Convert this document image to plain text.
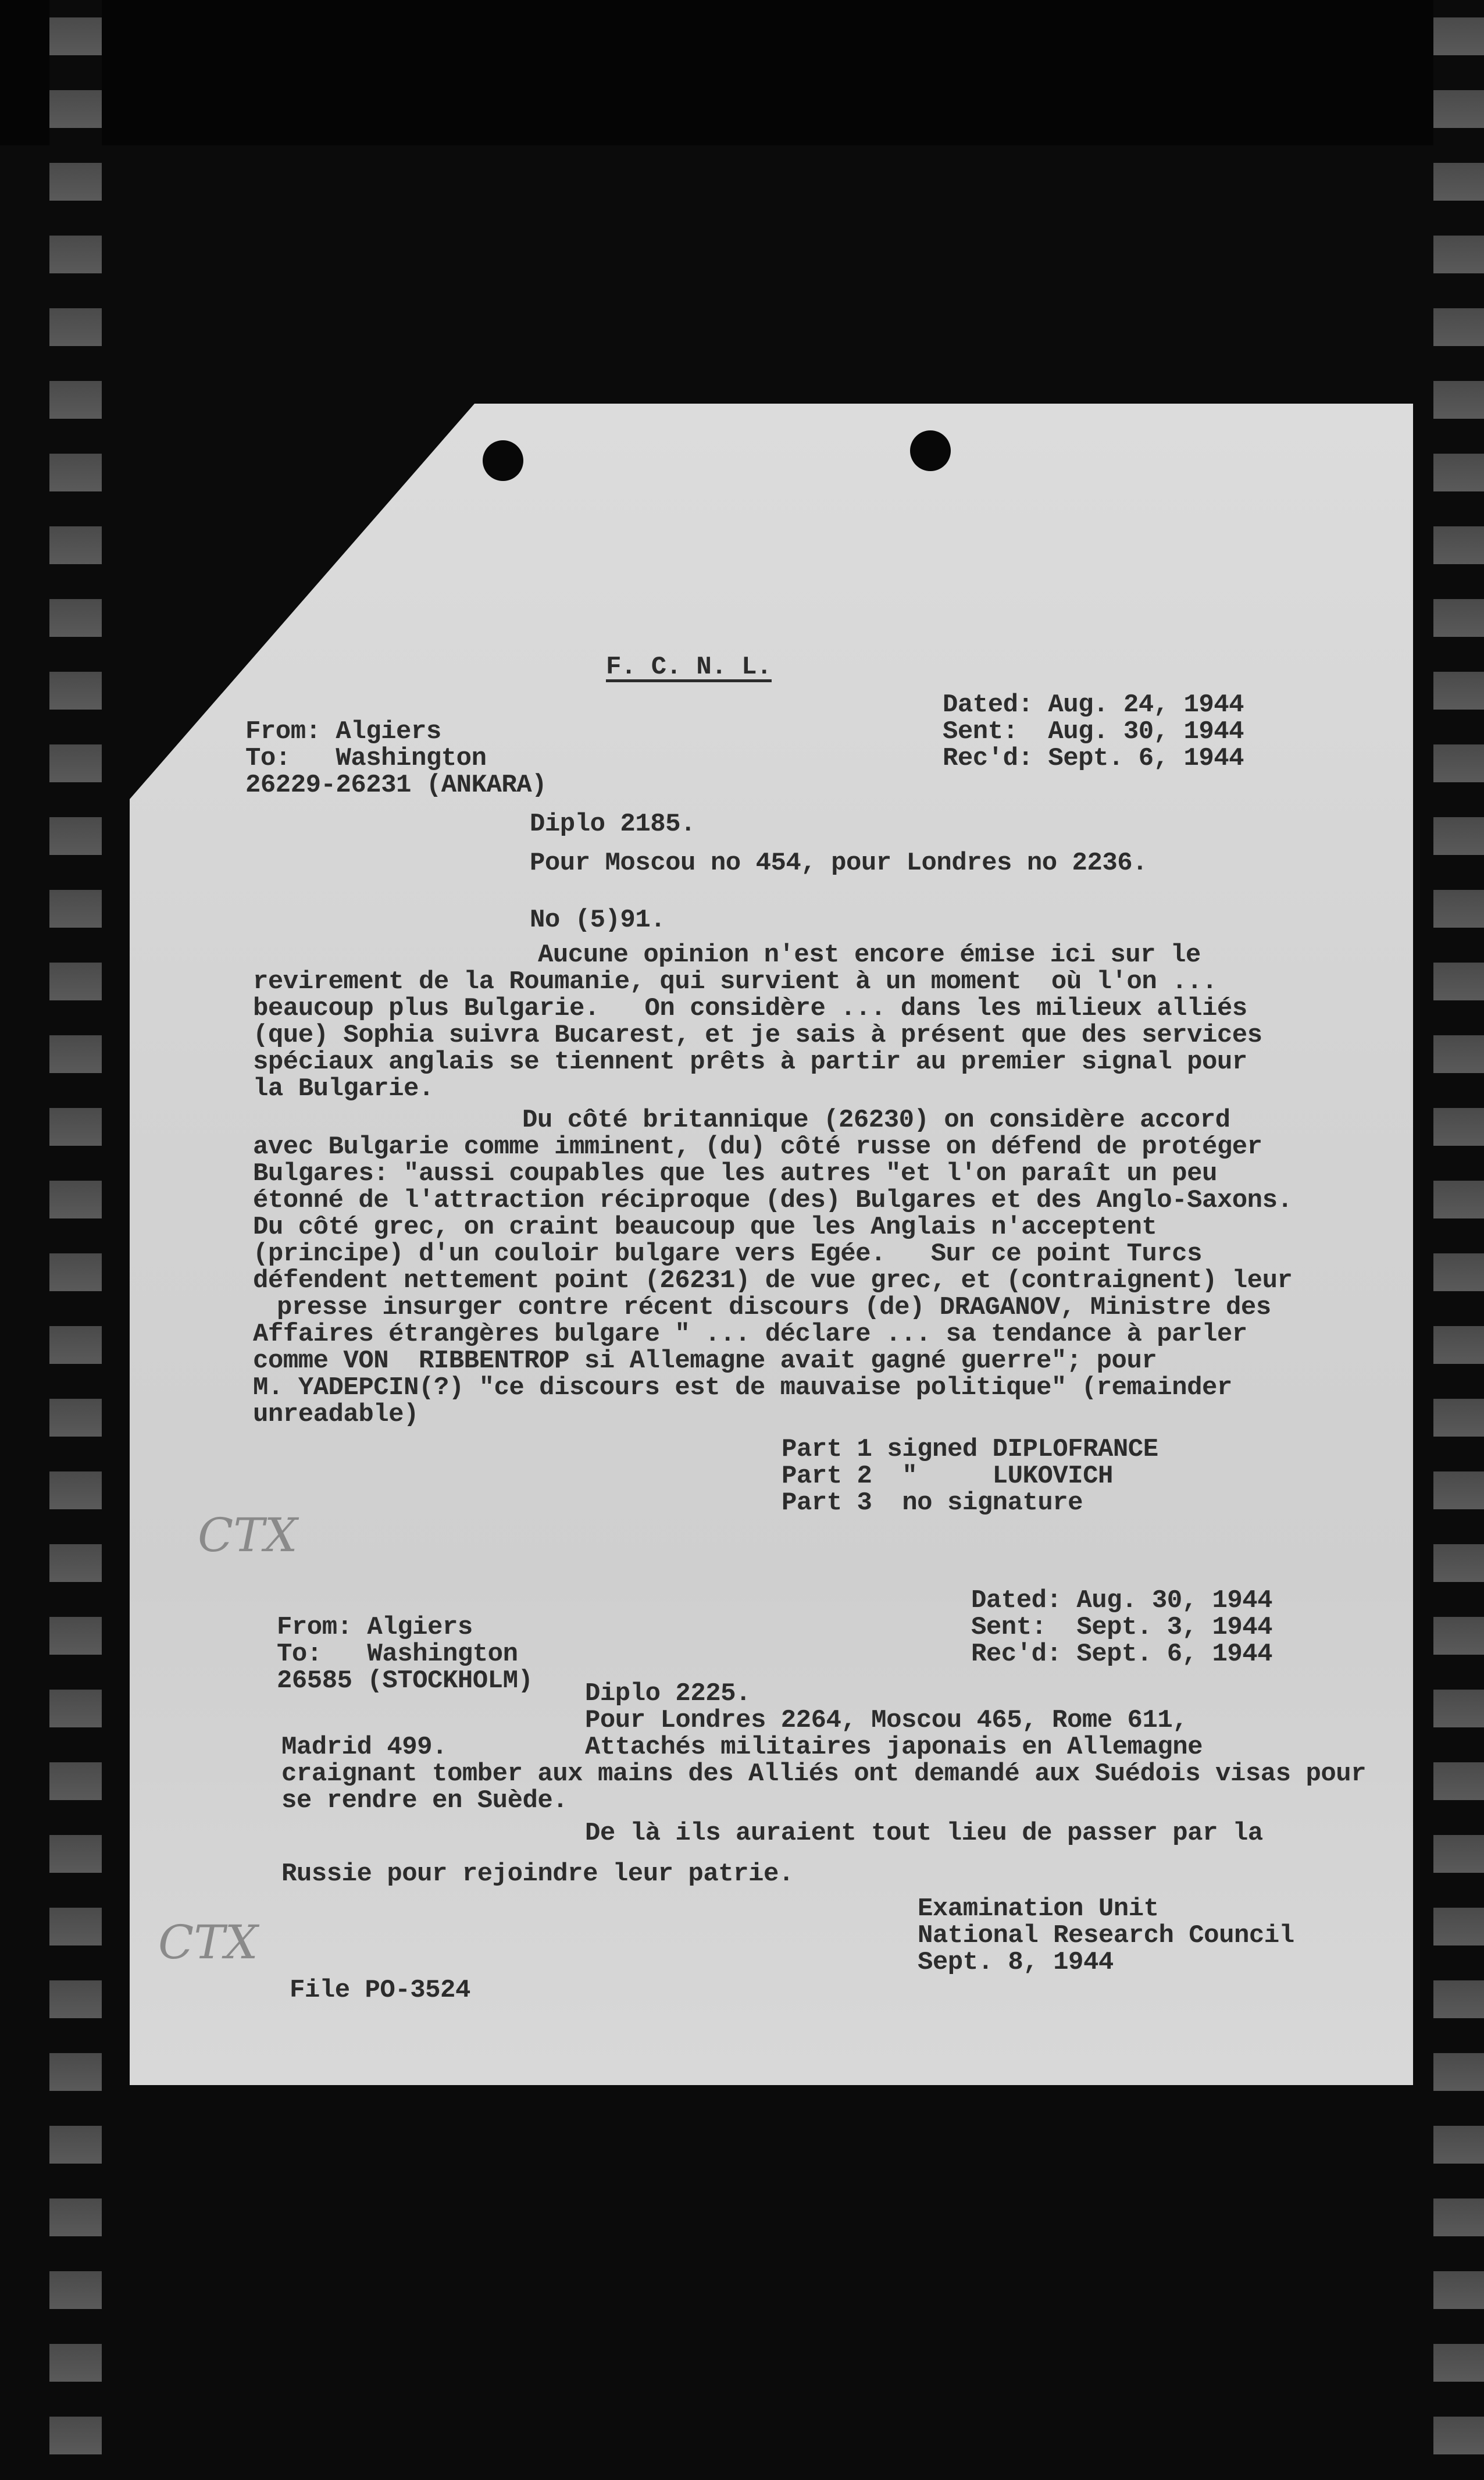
F. C. N. L.
Dated: Aug. 24, 1944
Sent:  Aug. 30, 1944
Rec'd: Sept. 6, 1944
From: Algiers
To:   Washington
26229-26231 (ANKARA)
Diplo 2185.
Pour Moscou no 454, pour Londres no 2236.
No (5)91.
Aucune opinion n'est encore émise ici sur le
revirement de la Roumanie, qui survient à un moment  où l'on ...
beaucoup plus Bulgarie.   On considère ... dans les milieux alliés
(que) Sophia suivra Bucarest, et je sais à présent que des services
spéciaux anglais se tiennent prêts à partir au premier signal pour
la Bulgarie.
Du côté britannique (26230) on considère accord
avec Bulgarie comme imminent, (du) côté russe on défend de protéger
Bulgares: "aussi coupables que les autres "et l'on paraît un peu
étonné de l'attraction réciproque (des) Bulgares et des Anglo-Saxons.
Du côté grec, on craint beaucoup que les Anglais n'acceptent
(principe) d'un couloir bulgare vers Egée.   Sur ce point Turcs
défendent nettement point (26231) de vue grec, et (contraignent) leur
presse insurger contre récent discours (de) DRAGANOV, Ministre des
Affaires étrangères bulgare " ... déclare ... sa tendance à parler
comme VON  RIBBENTROP si Allemagne avait gagné guerre"; pour
M. YADEPCIN(?) "ce discours est de mauvaise politique" (remainder
unreadable)
Part 1 signed DIPLOFRANCE
Part 2  "     LUKOVICH
Part 3  no signature
CTX
Dated: Aug. 30, 1944
Sent:  Sept. 3, 1944
Rec'd: Sept. 6, 1944
From: Algiers
To:   Washington
26585 (STOCKHOLM) Diplo 2225.
Pour Londres 2264, Moscou 465, Rome 611,
Madrid 499.	Attachés militaires japonais en Allemagne
craignant tomber aux mains des Alliés ont demandé aux Suédois visas pour
se rendre en Suède.
De là ils auraient tout lieu de passer par la
Russie pour rejoindre leur patrie.
CTX
Examination Unit
National Research Council
Sept. 8, 1944
File PO-3524
